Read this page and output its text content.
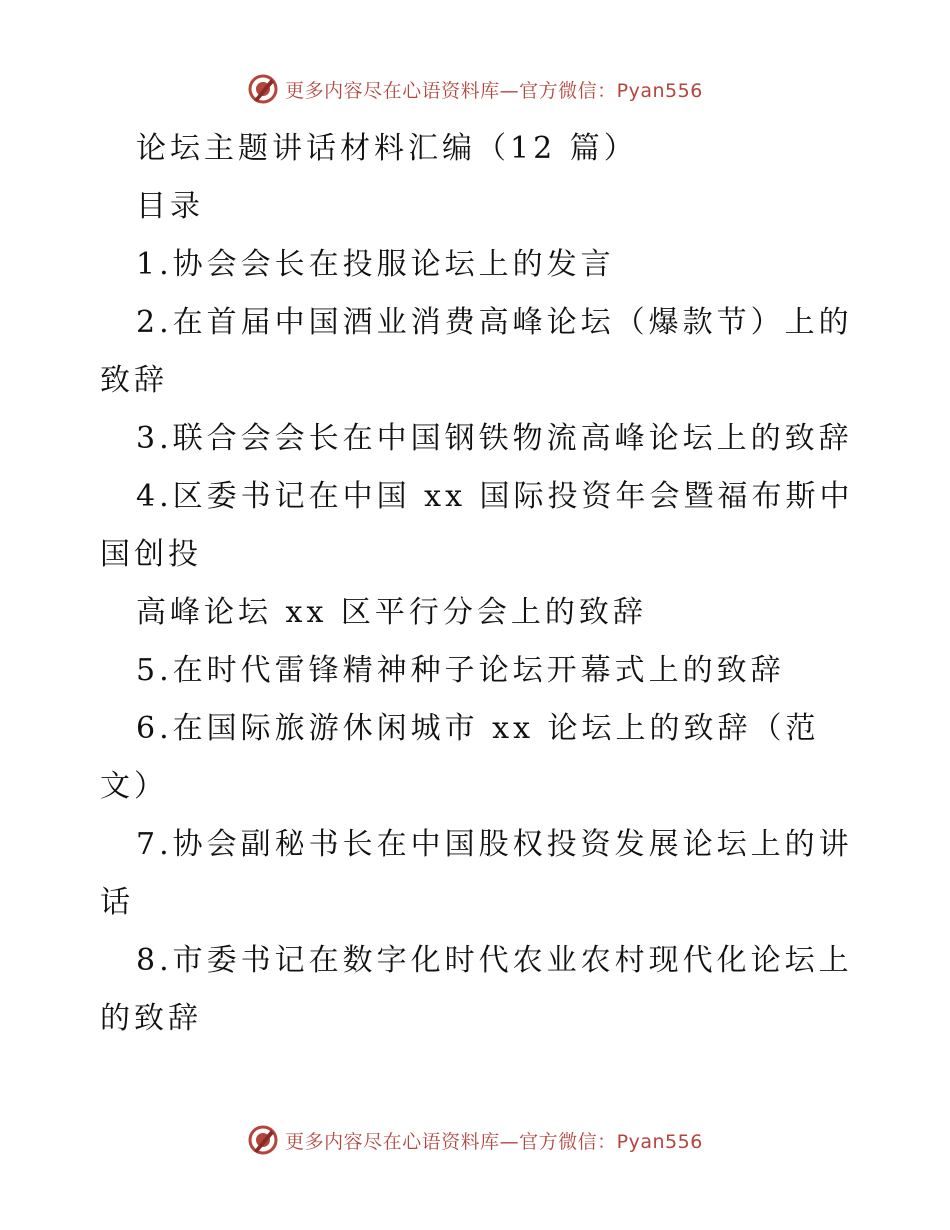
更多内容尽在心语资料库—官方微信：Pyan556
论坛主题讲话材料汇编（12 篇）
目录
1.协会会长在投服论坛上的发言
2.在首届中国酒业消费高峰论坛（爆款节）上的
致辞
3.联合会会长在中国钢铁物流高峰论坛上的致辞
4.区委书记在中国 xx 国际投资年会暨福布斯中
国创投
高峰论坛 xx 区平行分会上的致辞
5.在时代雷锋精神种子论坛开幕式上的致辞
6.在国际旅游休闲城市 xx 论坛上的致辞（范
文）
7.协会副秘书长在中国股权投资发展论坛上的讲
话
8.市委书记在数字化时代农业农村现代化论坛上
的致辞
更多内容尽在心语资料库—官方微信：Pyan556
